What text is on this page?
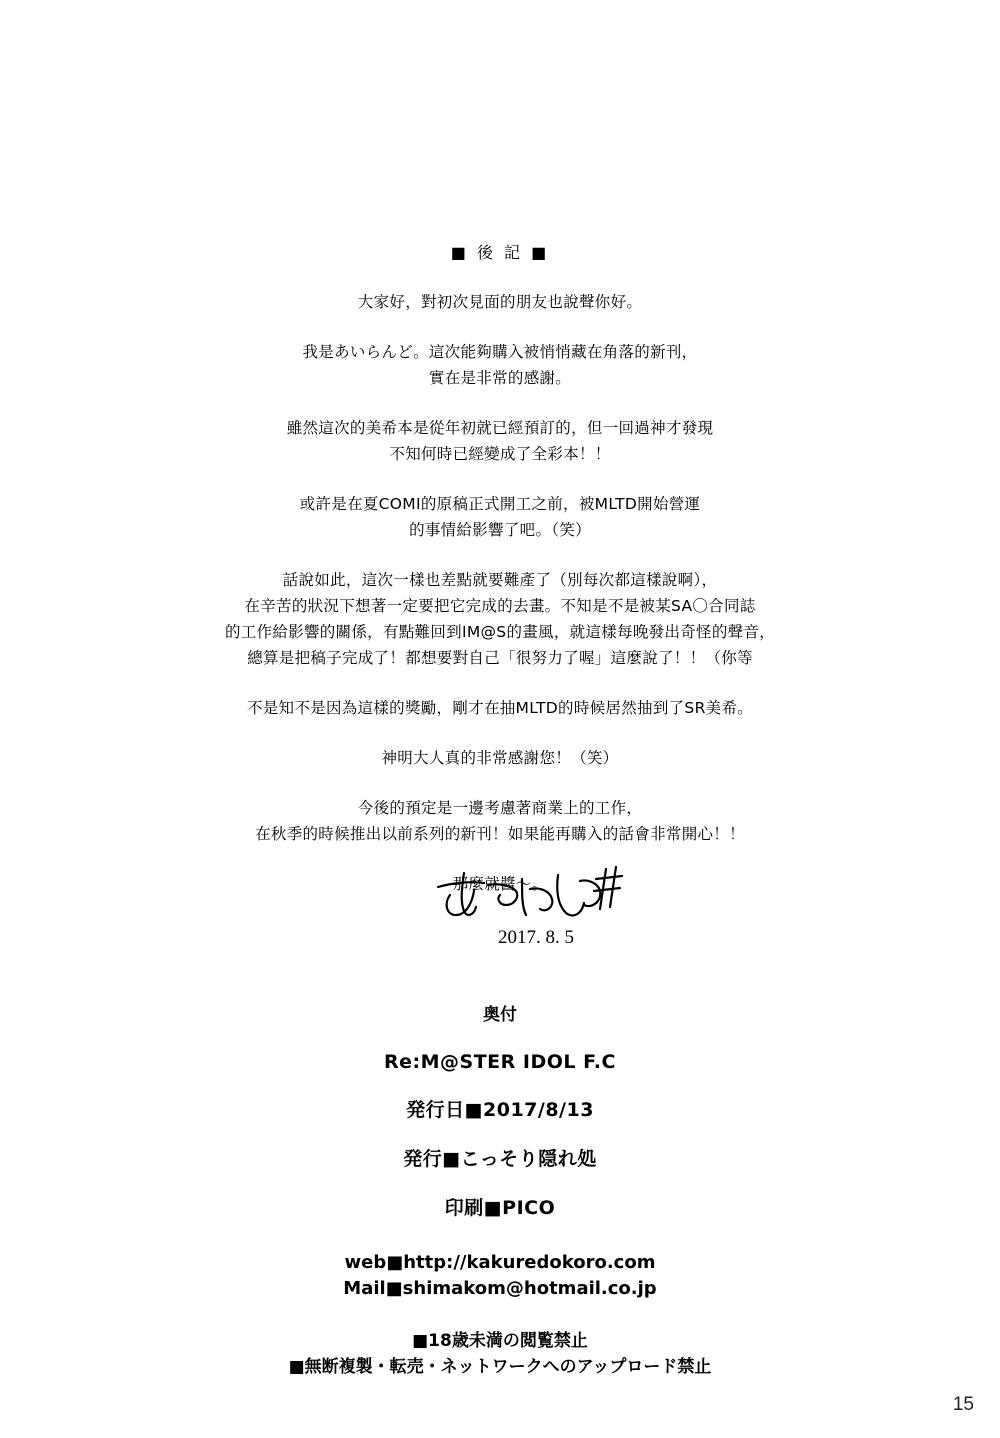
■ 後 記 ■
大家好，對初次見面的朋友也說聲你好。
我是あいらんど。這次能夠購入被悄悄藏在角落的新刊，
實在是非常的感謝。
雖然這次的美希本是從年初就已經預訂的，但一回過神才發現
不知何時已經變成了全彩本！！
或許是在夏COMI的原稿正式開工之前，被MLTD開始營運
的事情給影響了吧。（笑）
話說如此，這次一樣也差點就要難產了（別每次都這樣說啊），
在辛苦的狀況下想著一定要把它完成的去畫。不知是不是被某SA〇合同誌
的工作給影響的關係，有點難回到IM@S的畫風，就這樣每晚發出奇怪的聲音，
總算是把稿子完成了！都想要對自己「很努力了喔」這麼說了！！（你等
不是知不是因為這樣的獎勵，剛才在抽MLTD的時候居然抽到了SR美希。
神明大人真的非常感謝您！（笑）
今後的預定是一邊考慮著商業上的工作，
在秋季的時候推出以前系列的新刊！如果能再購入的話會非常開心！！
那麼就醬〜。
2017. 8. 5
奥付
Re:M@STER IDOL F.C
発行日■2017/8/13
発行■こっそり隠れ処
印刷■PICO
web■http://kakuredokoro.com
Mail■shimakom@hotmail.co.jp
■18歳未満の閲覧禁止
■無断複製・転売・ネットワークへのアップロード禁止
15
